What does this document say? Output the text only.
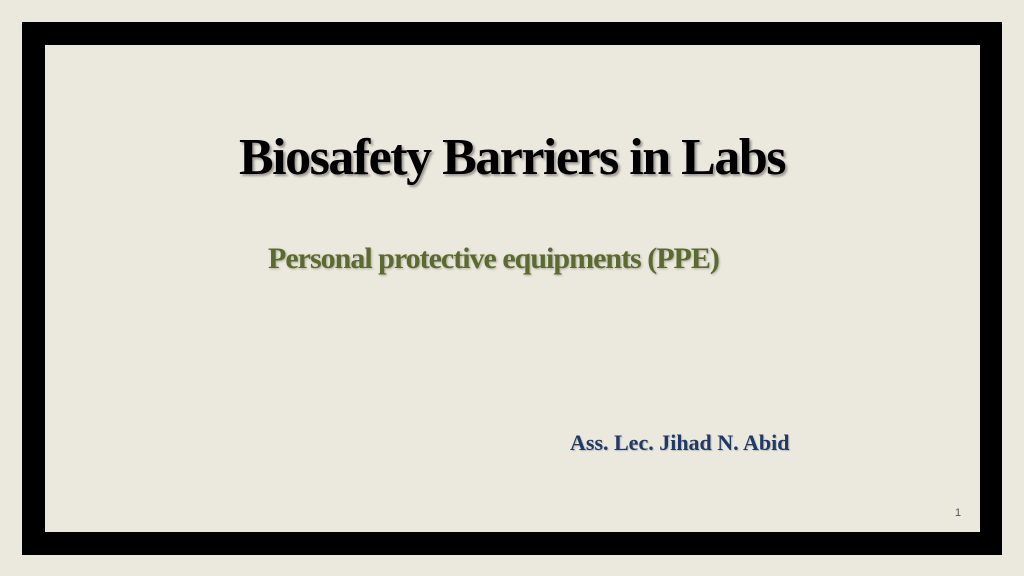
Biosafety Barriers in Labs
Personal protective equipments (PPE)
Ass. Lec. Jihad N. Abid
1
